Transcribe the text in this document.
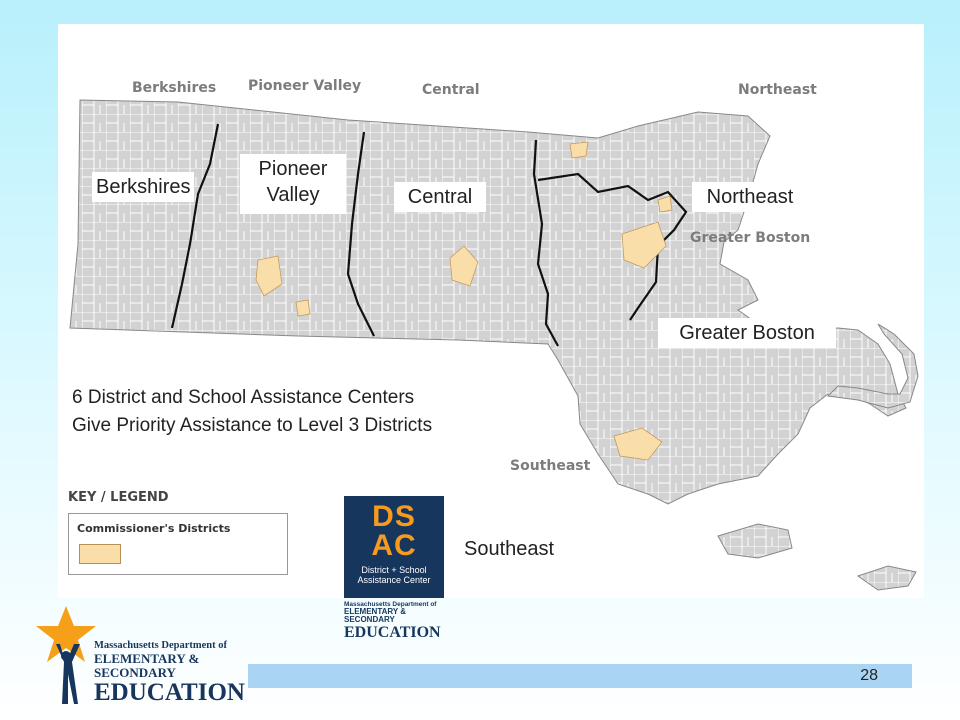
Berkshires Pioneer Valley	Central	Northeast
Greater Boston
Southeast
Berkshires
Pioneer
Valley	Central	Northeast
Greater Boston
Southeast
6 District and School Assistance Centers
Give Priority Assistance to Level 3 Districts
KEY / LEGEND
Commissioner's Districts	DS
AC
District + School
Assistance Center
Massachusetts Department of
ELEMENTARY & SECONDARY
EDUCATION
28
Massachusetts Department of
ELEMENTARY & SECONDARY
EDUCATION
